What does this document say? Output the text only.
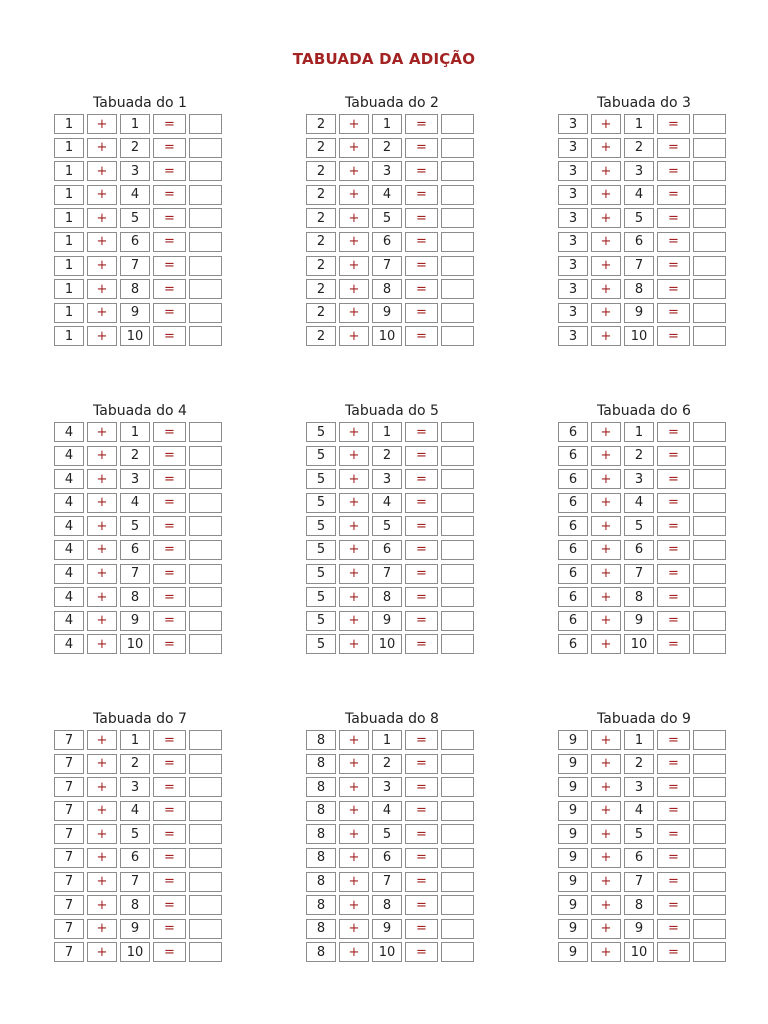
TABUADA DA ADIÇÃO
Tabuada do 1
1	+	1	=
1	+	2	=
1	+	3	=
1	+	4	=
1	+	5	=
1	+	6	=
1	+	7	=
1	+	8	=
1	+	9	=
1	+	10	=
Tabuada do 2
2	+	1	=
2	+	2	=
2	+	3	=
2	+	4	=
2	+	5	=
2	+	6	=
2	+	7	=
2	+	8	=
2	+	9	=
2	+	10	=
Tabuada do 3
3	+	1	=
3	+	2	=
3	+	3	=
3	+	4	=
3	+	5	=
3	+	6	=
3	+	7	=
3	+	8	=
3	+	9	=
3	+	10	=
Tabuada do 4
4	+	1	=
4	+	2	=
4	+	3	=
4	+	4	=
4	+	5	=
4	+	6	=
4	+	7	=
4	+	8	=
4	+	9	=
4	+	10	=
Tabuada do 5
5	+	1	=
5	+	2	=
5	+	3	=
5	+	4	=
5	+	5	=
5	+	6	=
5	+	7	=
5	+	8	=
5	+	9	=
5	+	10	=
Tabuada do 6
6	+	1	=
6	+	2	=
6	+	3	=
6	+	4	=
6	+	5	=
6	+	6	=
6	+	7	=
6	+	8	=
6	+	9	=
6	+	10	=
Tabuada do 7
7	+	1	=
7	+	2	=
7	+	3	=
7	+	4	=
7	+	5	=
7	+	6	=
7	+	7	=
7	+	8	=
7	+	9	=
7	+	10	=
Tabuada do 8
8	+	1	=
8	+	2	=
8	+	3	=
8	+	4	=
8	+	5	=
8	+	6	=
8	+	7	=
8	+	8	=
8	+	9	=
8	+	10	=
Tabuada do 9
9	+	1	=
9	+	2	=
9	+	3	=
9	+	4	=
9	+	5	=
9	+	6	=
9	+	7	=
9	+	8	=
9	+	9	=
9	+	10	=
